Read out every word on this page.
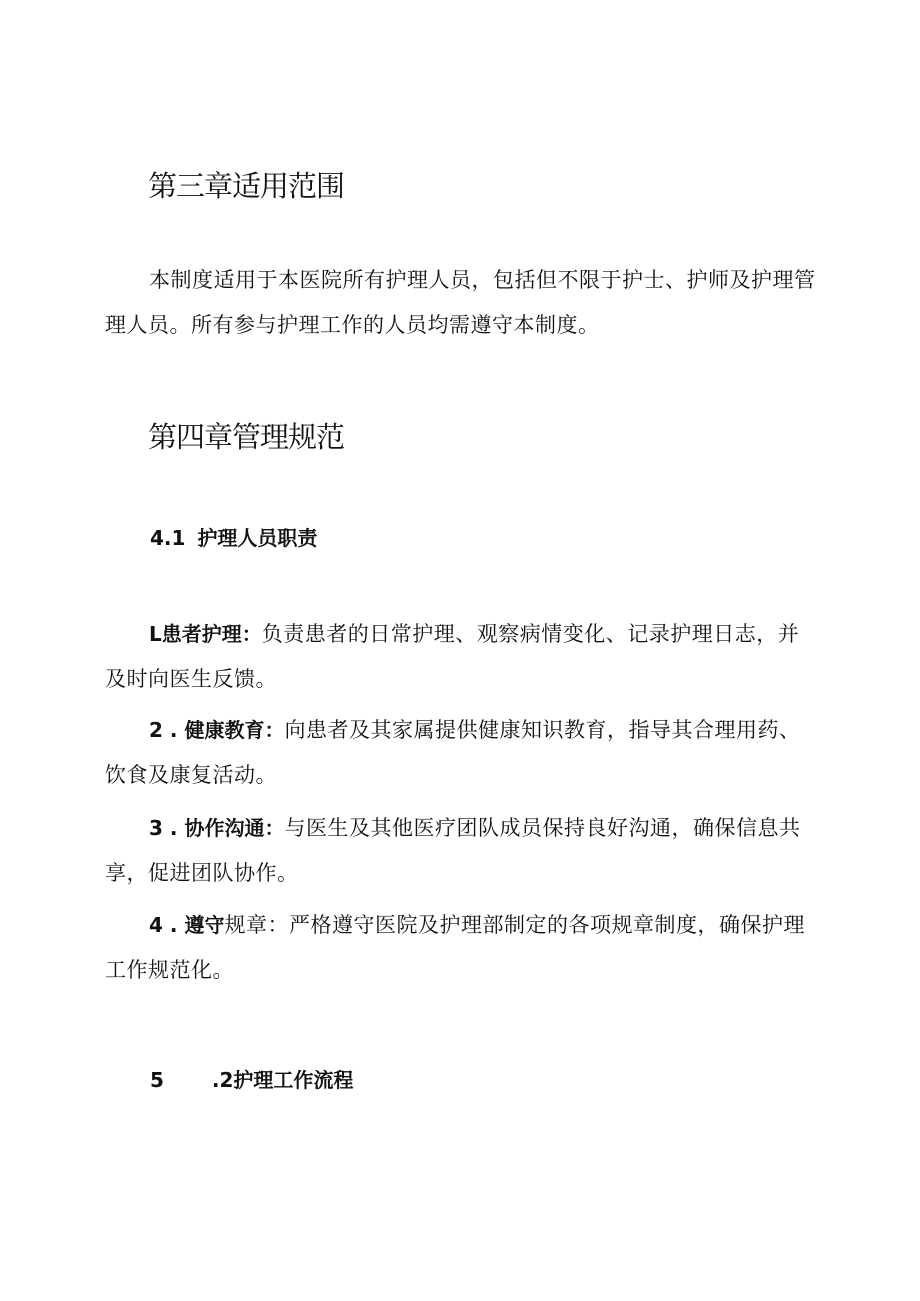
第三章适用范围

本制度适用于本医院所有护理人员，包括但不限于护士、护师及护理管理人员。所有参与护理工作的人员均需遵守本制度。

第四章管理规范
4.1 护理人员职责

L患者护理：负责患者的日常护理、观察病情变化、记录护理日志，并及时向医生反馈。

2 . 健康教育：向患者及其家属提供健康知识教育，指导其合理用药、饮食及康复活动。

3 . 协作沟通：与医生及其他医疗团队成员保持良好沟通，确保信息共享，促进团队协作。

4 . 遵守规章：严格遵守医院及护理部制定的各项规章制度，确保护理工作规范化。

5 .2护理工作流程
